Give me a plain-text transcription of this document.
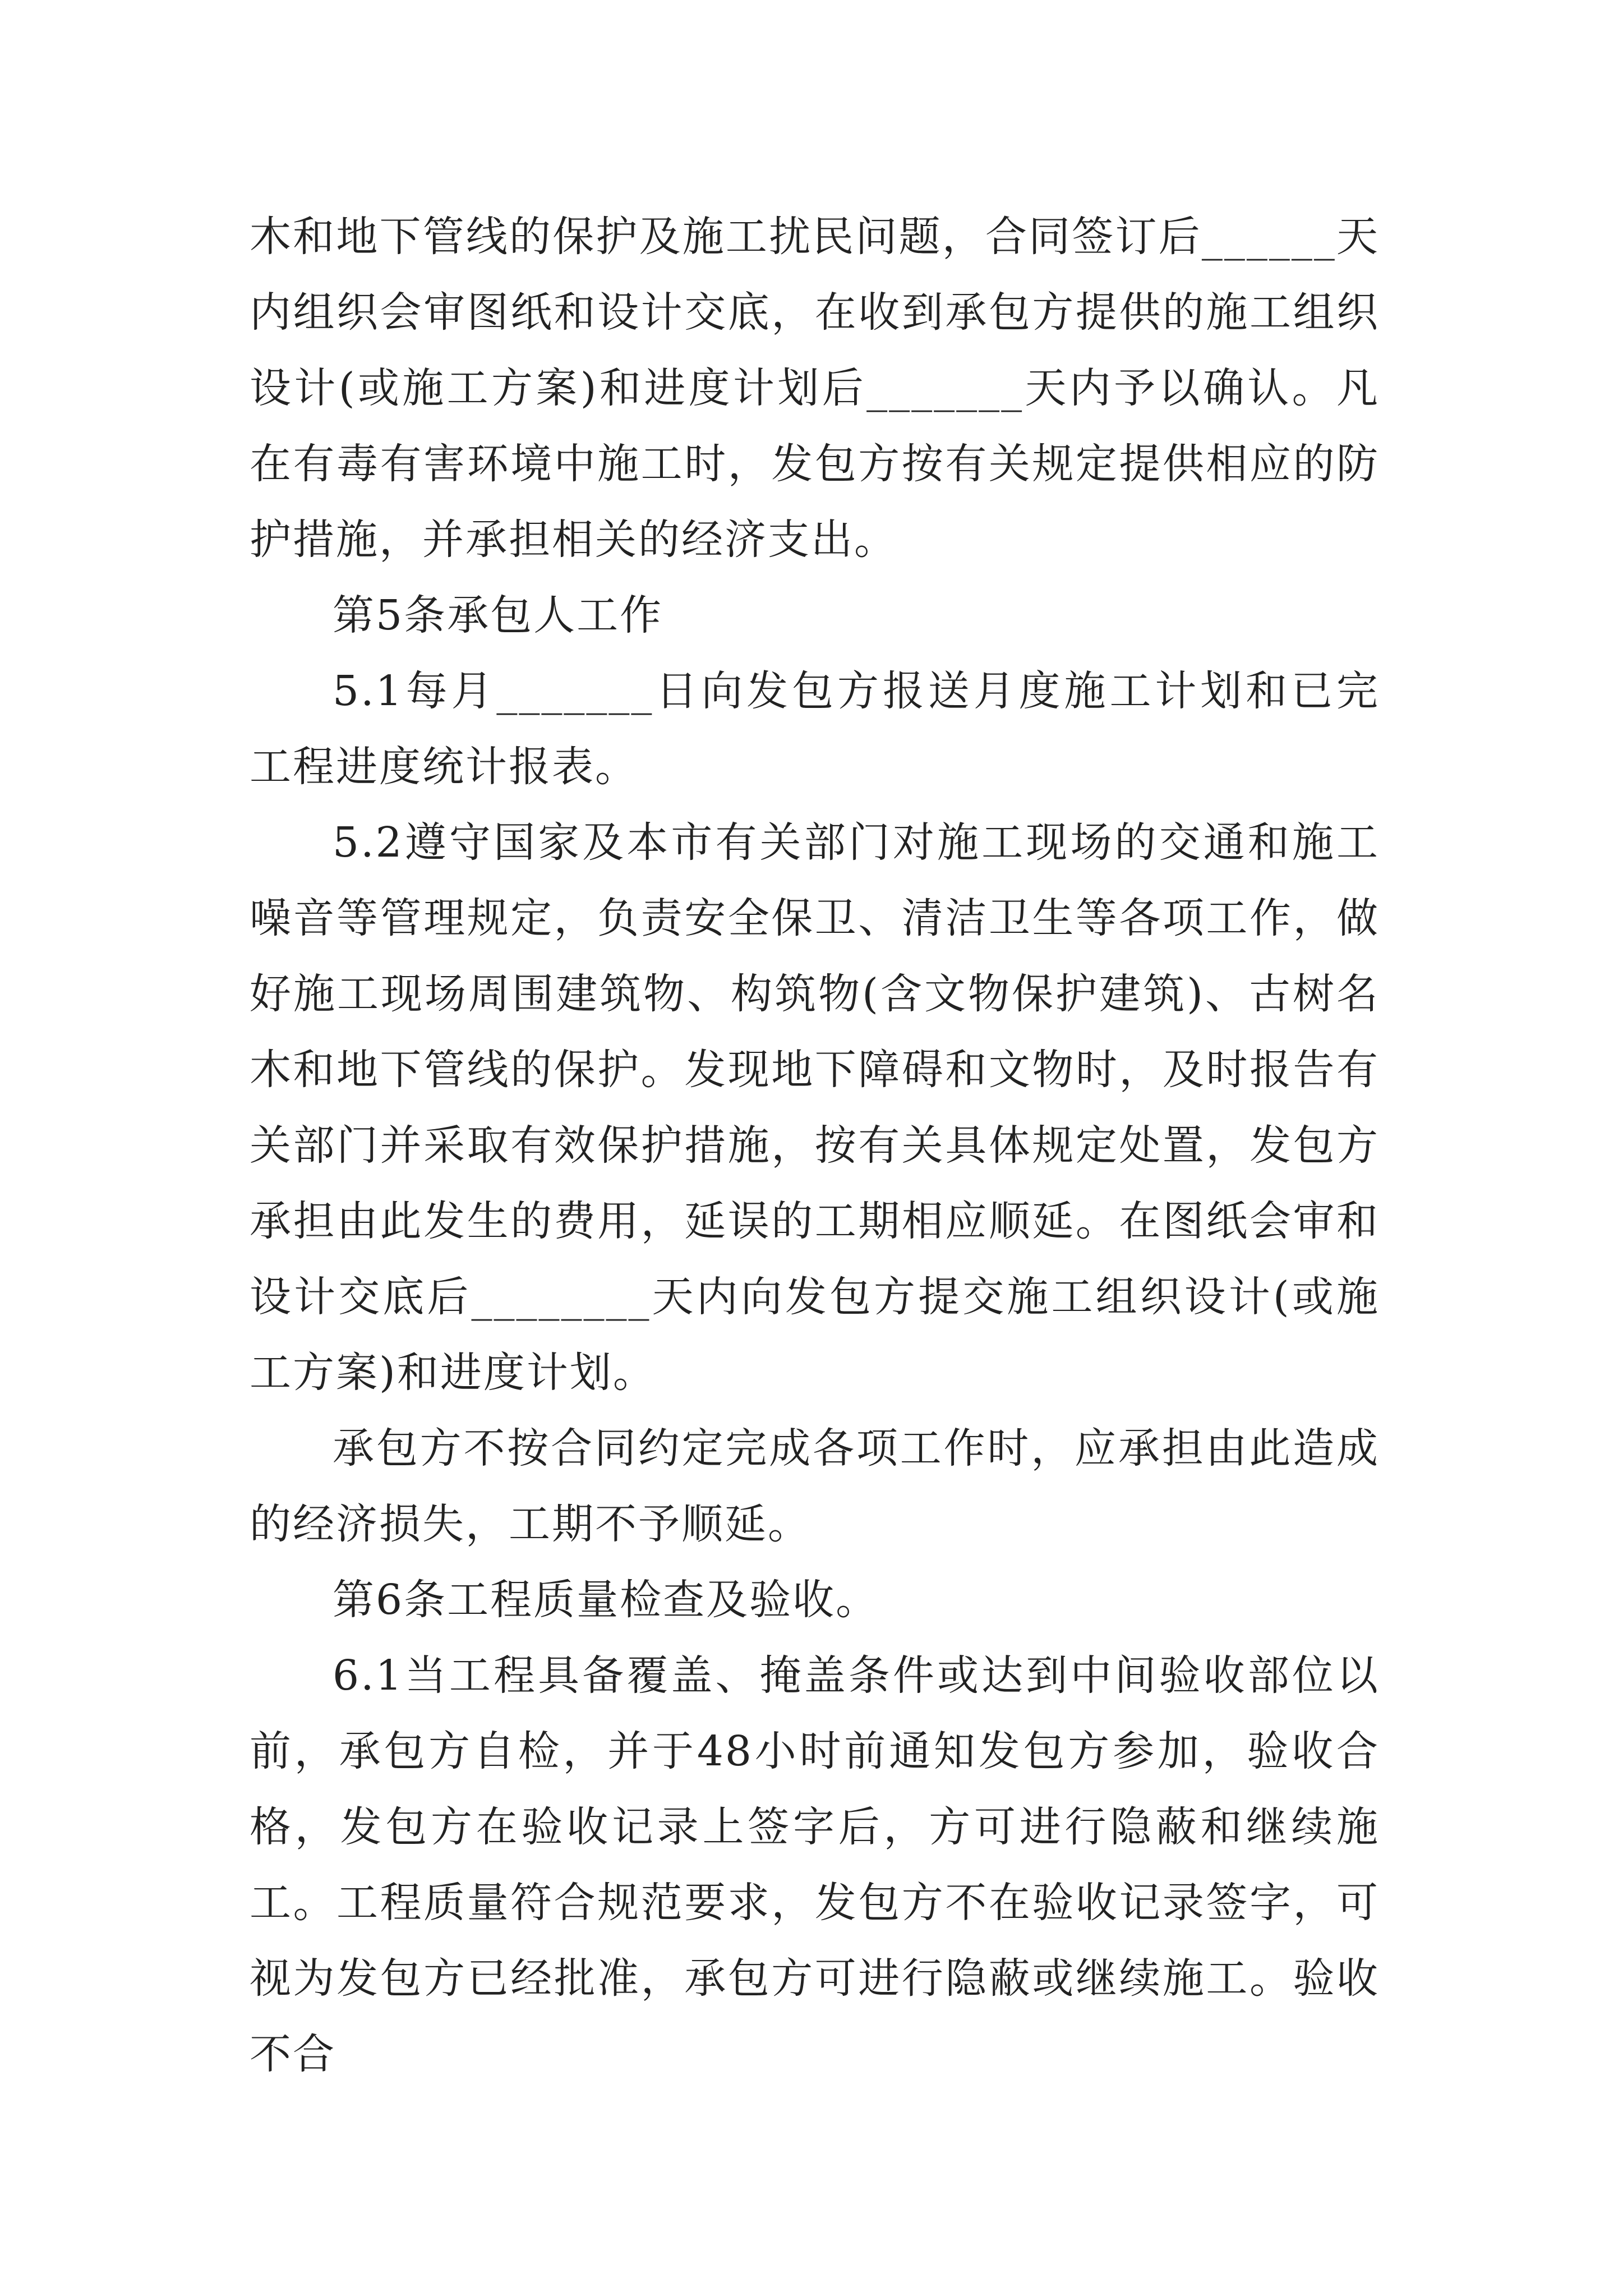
木和地下管线的保护及施工扰民问题，合同签订后______天内组织会审图纸和设计交底，在收到承包方提供的施工组织设计(或施工方案)和进度计划后_______天内予以确认。凡在有毒有害环境中施工时，发包方按有关规定提供相应的防护措施，并承担相关的经济支出。

第5条承包人工作

5.1每月_______日向发包方报送月度施工计划和已完工程进度统计报表。

5.2遵守国家及本市有关部门对施工现场的交通和施工噪音等管理规定，负责安全保卫、清洁卫生等各项工作，做好施工现场周围建筑物、构筑物(含文物保护建筑)、古树名木和地下管线的保护。发现地下障碍和文物时，及时报告有关部门并采取有效保护措施，按有关具体规定处置，发包方承担由此发生的费用，延误的工期相应顺延。在图纸会审和设计交底后________天内向发包方提交施工组织设计(或施工方案)和进度计划。

承包方不按合同约定完成各项工作时，应承担由此造成的经济损失，工期不予顺延。

第6条工程质量检查及验收。

6.1当工程具备覆盖、掩盖条件或达到中间验收部位以前，承包方自检，并于48小时前通知发包方参加，验收合格，发包方在验收记录上签字后，方可进行隐蔽和继续施工。工程质量符合规范要求，发包方不在验收记录签字，可视为发包方已经批准，承包方可进行隐蔽或继续施工。验收不合
